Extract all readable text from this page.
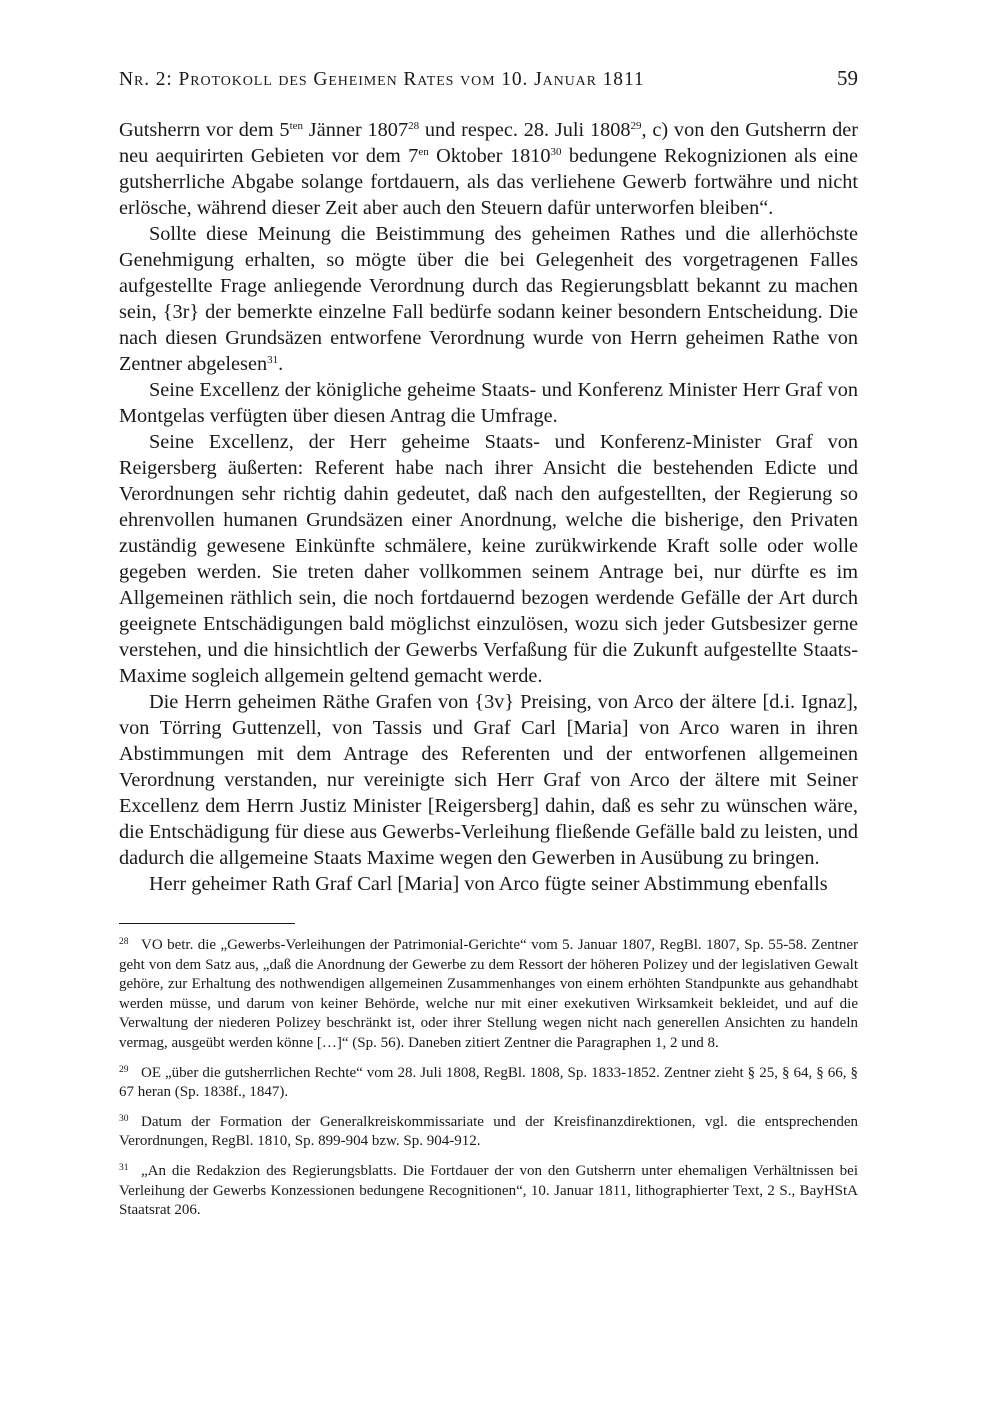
Nr. 2: Protokoll des Geheimen Rates vom 10. Januar 1811	59

Gutsherrn vor dem $5^{ten}$ Jänner 1807$^{28}$ und respec. 28. Juli 1808$^{29}$, c) von den Gutsherrn der neu aequirirten Gebieten vor dem $7^{en}$ Oktober 1810$^{30}$ bedungene Rekognizionen als eine gutsherrliche Abgabe solange fortdauern, als das verliehene Gewerb fortwähre und nicht erlösche, während dieser Zeit aber auch den Steuern dafür unterworfen bleiben“.

Sollte diese Meinung die Beistimmung des geheimen Rathes und die allerhöchste Genehmigung erhalten, so mögte über die bei Gelegenheit des vorgetragenen Falles aufgestellte Frage anliegende Verordnung durch das Regierungsblatt bekannt zu machen sein, {3r} der bemerkte einzelne Fall bedürfe sodann keiner besondern Entscheidung. Die nach diesen Grundsäzen entworfene Verordnung wurde von Herrn geheimen Rathe von Zentner abgelesen$^{31}$.

Seine Excellenz der königliche geheime Staats- und Konferenz Minister Herr Graf von Montgelas verfügten über diesen Antrag die Umfrage.

Seine Excellenz, der Herr geheime Staats- und Konferenz-Minister Graf von Reigersberg äußerten: Referent habe nach ihrer Ansicht die bestehenden Edicte und Verordnungen sehr richtig dahin gedeutet, daß nach den aufgestellten, der Regierung so ehrenvollen humanen Grundsäzen einer Anordnung, welche die bisherige, den Privaten zuständig gewesene Einkünfte schmälere, keine zurükwirkende Kraft solle oder wolle gegeben werden. Sie treten daher vollkommen seinem Antrage bei, nur dürfte es im Allgemeinen räthlich sein, die noch fortdauernd bezogen werdende Gefälle der Art durch geeignete Entschädigungen bald möglichst einzulösen, wozu sich jeder Gutsbesizer gerne verstehen, und die hinsichtlich der Gewerbs Verfaßung für die Zukunft aufgestellte Staats-Maxime sogleich allgemein geltend gemacht werde.

Die Herrn geheimen Räthe Grafen von {3v} Preising, von Arco der ältere [d.i. Ignaz], von Törring Guttenzell, von Tassis und Graf Carl [Maria] von Arco waren in ihren Abstimmungen mit dem Antrage des Referenten und der entworfenen allgemeinen Verordnung verstanden, nur vereinigte sich Herr Graf von Arco der ältere mit Seiner Excellenz dem Herrn Justiz Minister [Reigersberg] dahin, daß es sehr zu wünschen wäre, die Entschädigung für diese aus Gewerbs-Verleihung fließende Gefälle bald zu leisten, und dadurch die allgemeine Staats Maxime wegen den Gewerben in Ausübung zu bringen.

Herr geheimer Rath Graf Carl [Maria] von Arco fügte seiner Abstimmung ebenfalls

28 VO betr. die „Gewerbs-Verleihungen der Patrimonial-Gerichte“ vom 5. Januar 1807, RegBl. 1807, Sp. 55-58. Zentner geht von dem Satz aus, „daß die Anordnung der Gewerbe zu dem Ressort der höheren Polizey und der legislativen Gewalt gehöre, zur Erhaltung des nothwendigen allgemeinen Zusammenhanges von einem erhöhten Standpunkte aus gehandhabt werden müsse, und darum von keiner Behörde, welche nur mit einer exekutiven Wirksamkeit bekleidet, und auf die Verwaltung der niederen Polizey beschränkt ist, oder ihrer Stellung wegen nicht nach generellen Ansichten zu handeln vermag, ausgeübt werden könne […]“ (Sp. 56). Daneben zitiert Zentner die Paragraphen 1, 2 und 8.

29 OE „über die gutsherrlichen Rechte“ vom 28. Juli 1808, RegBl. 1808, Sp. 1833-1852. Zentner zieht § 25, § 64, § 66, § 67 heran (Sp. 1838f., 1847).

30 Datum der Formation der Generalkreiskommissariate und der Kreisfinanzdirektionen, vgl. die entsprechenden Verordnungen, RegBl. 1810, Sp. 899-904 bzw. Sp. 904-912.

31 „An die Redakzion des Regierungsblatts. Die Fortdauer der von den Gutsherrn unter ehemaligen Verhältnissen bei Verleihung der Gewerbs Konzessionen bedungene Recognitionen“, 10. Januar 1811, lithographierter Text, 2 S., BayHStA Staatsrat 206.
